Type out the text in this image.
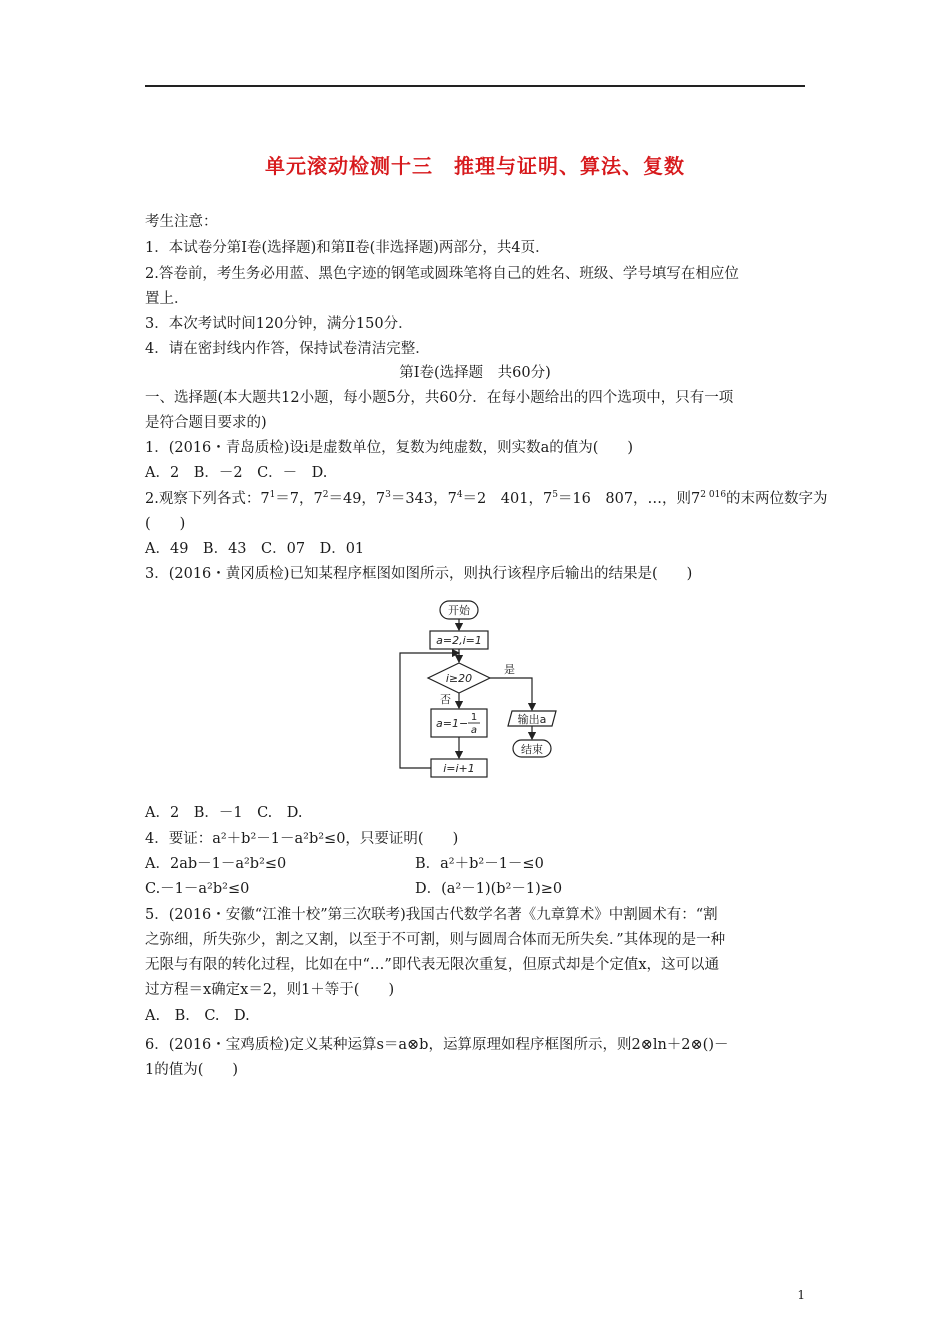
单元滚动检测十三　推理与证明、算法、复数
考生注意：
1．本试卷分第Ⅰ卷(选择题)和第Ⅱ卷(非选择题)两部分，共4页．
2.答卷前，考生务必用蓝、黑色字迹的钢笔或圆珠笔将自己的姓名、班级、学号填写在相应位
置上．
3．本次考试时间120分钟，满分150分．
4．请在密封线内作答，保持试卷清洁完整．
第Ⅰ卷(选择题　共60分)
一、选择题(本大题共12小题，每小题5分，共60分．在每小题给出的四个选项中，只有一项
是符合题目要求的)
1．(2016・青岛质检)设i是虚数单位，复数为纯虚数，则实数a的值为(　　)
A．2　B．－2　C．－　D.
2.观察下列各式：$7^1=7$，$7^2=49$，$7^3=343$，$7^4=2$　401，$7^5=16$　807，…，则$7^{2 016}$的末两位数字为
(　　)
A．49　B．43　C．07　D．01
3．(2016・黄冈质检)已知某程序框图如图所示，则执行该程序后输出的结果是(　　)
开始
a=2,i=1
i≥20
是
否
a=1− 1
a
i=i+1
输出a
结束
A．2　B．－1　C.　D.
4．要证：a²＋b²－1－a²b²≤0，只要证明(　　)
A．2ab－1－a²b²≤0	B．a²＋b²－1－≤0
C.－1－a²b²≤0	D．(a²－1)(b²－1)≥0
5．(2016・安徽“江淮十校”第三次联考)我国古代数学名著《九章算术》中割圆术有：“割
之弥细，所失弥少，割之又割，以至于不可割，则与圆周合体而无所失矣．”其体现的是一种
无限与有限的转化过程，比如在中“…”即代表无限次重复，但原式却是个定值x，这可以通
过方程＝x确定x＝2，则1＋等于(　　)
A.　B.　C.　D.
6．(2016・宝鸡质检)定义某种运算s＝a⊗b，运算原理如程序框图所示，则2⊗ln＋2⊗()－
1的值为(　　)
1
